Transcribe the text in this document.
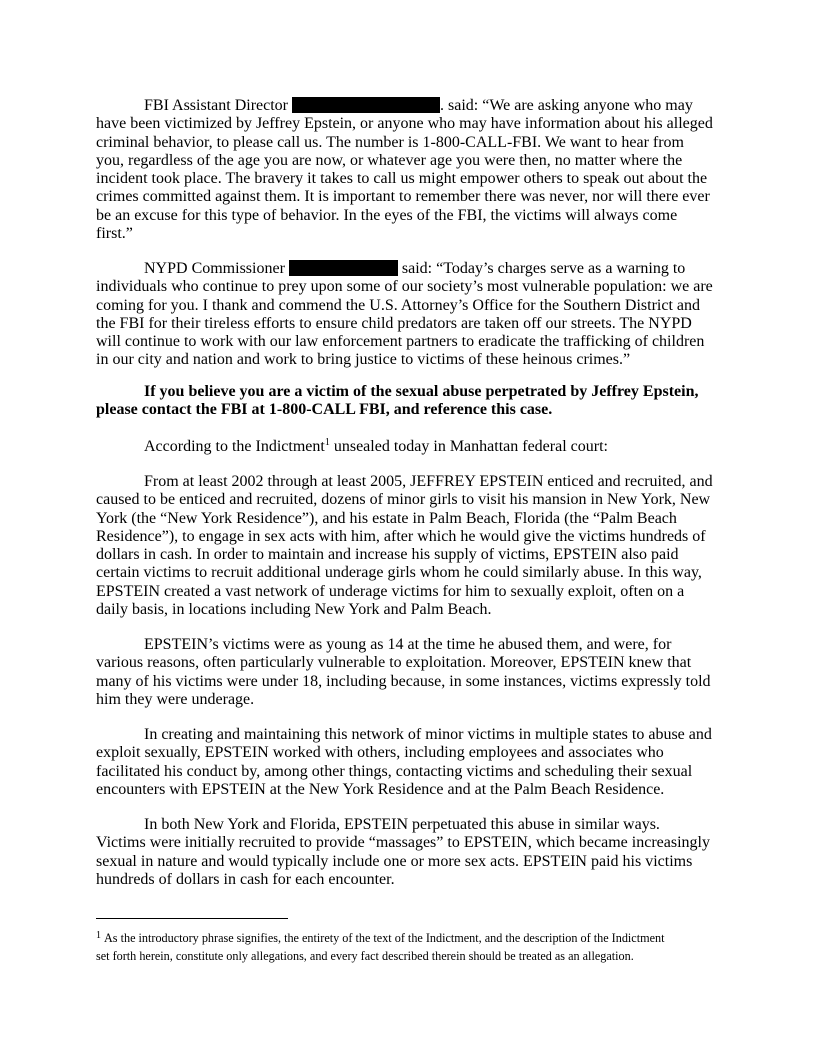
FBI Assistant Director	. said: “We are asking anyone who may
have been victimized by Jeffrey Epstein, or anyone who may have information about his alleged
criminal behavior, to please call us. The number is 1-800-CALL-FBI. We want to hear from
you, regardless of the age you are now, or whatever age you were then, no matter where the
incident took place. The bravery it takes to call us might empower others to speak out about the
crimes committed against them. It is important to remember there was never, nor will there ever
be an excuse for this type of behavior. In the eyes of the FBI, the victims will always come
first.”
NYPD Commissioner	said: “Today’s charges serve as a warning to
individuals who continue to prey upon some of our society’s most vulnerable population: we are
coming for you. I thank and commend the U.S. Attorney’s Office for the Southern District and
the FBI for their tireless efforts to ensure child predators are taken off our streets. The NYPD
will continue to work with our law enforcement partners to eradicate the trafficking of children
in our city and nation and work to bring justice to victims of these heinous crimes.”
If you believe you are a victim of the sexual abuse perpetrated by Jeffrey Epstein,
please contact the FBI at 1-800-CALL FBI, and reference this case.
According to the Indictment$^1$ unsealed today in Manhattan federal court:
From at least 2002 through at least 2005, JEFFREY EPSTEIN enticed and recruited, and
caused to be enticed and recruited, dozens of minor girls to visit his mansion in New York, New
York (the “New York Residence”), and his estate in Palm Beach, Florida (the “Palm Beach
Residence”), to engage in sex acts with him, after which he would give the victims hundreds of
dollars in cash. In order to maintain and increase his supply of victims, EPSTEIN also paid
certain victims to recruit additional underage girls whom he could similarly abuse. In this way,
EPSTEIN created a vast network of underage victims for him to sexually exploit, often on a
daily basis, in locations including New York and Palm Beach.
EPSTEIN’s victims were as young as 14 at the time he abused them, and were, for
various reasons, often particularly vulnerable to exploitation. Moreover, EPSTEIN knew that
many of his victims were under 18, including because, in some instances, victims expressly told
him they were underage.
In creating and maintaining this network of minor victims in multiple states to abuse and
exploit sexually, EPSTEIN worked with others, including employees and associates who
facilitated his conduct by, among other things, contacting victims and scheduling their sexual
encounters with EPSTEIN at the New York Residence and at the Palm Beach Residence.
In both New York and Florida, EPSTEIN perpetuated this abuse in similar ways.
Victims were initially recruited to provide “massages” to EPSTEIN, which became increasingly
sexual in nature and would typically include one or more sex acts. EPSTEIN paid his victims
hundreds of dollars in cash for each encounter.
$^1$ As the introductory phrase signifies, the entirety of the text of the Indictment, and the description of the Indictment
set forth herein, constitute only allegations, and every fact described therein should be treated as an allegation.
